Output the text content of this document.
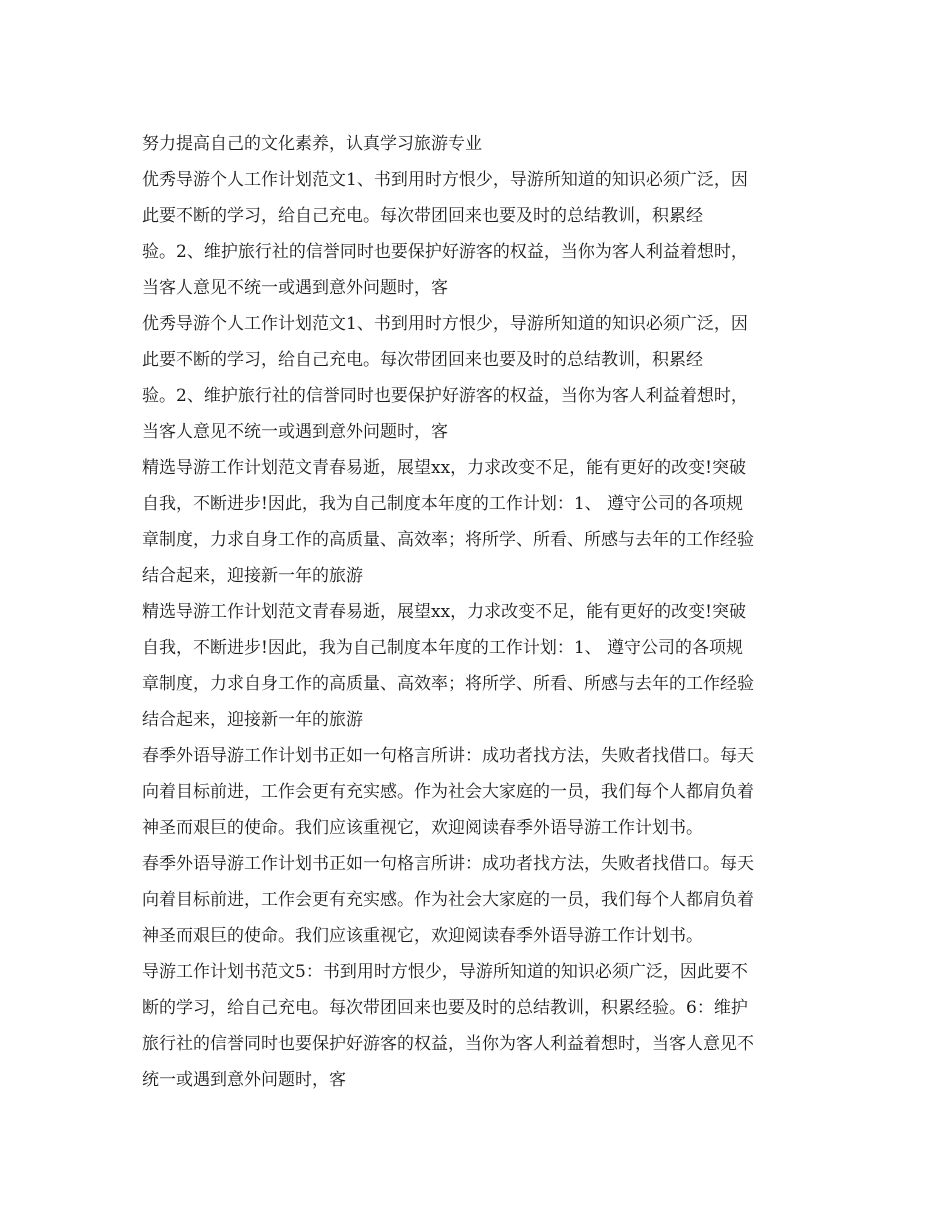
努力提高自己的文化素养，认真学习旅游专业
优秀导游个人工作计划范文1、书到用时方恨少，导游所知道的知识必须广泛，因
此要不断的学习，给自己充电。每次带团回来也要及时的总结教训，积累经
验。2、维护旅行社的信誉同时也要保护好游客的权益，当你为客人利益着想时，
当客人意见不统一或遇到意外问题时，客
优秀导游个人工作计划范文1、书到用时方恨少，导游所知道的知识必须广泛，因
此要不断的学习，给自己充电。每次带团回来也要及时的总结教训，积累经
验。2、维护旅行社的信誉同时也要保护好游客的权益，当你为客人利益着想时，
当客人意见不统一或遇到意外问题时，客
精选导游工作计划范文青春易逝，展望xx，力求改变不足，能有更好的改变!突破
自我，不断进步!因此，我为自己制度本年度的工作计划：1、 遵守公司的各项规
章制度，力求自身工作的高质量、高效率；将所学、所看、所感与去年的工作经验
结合起来，迎接新一年的旅游
精选导游工作计划范文青春易逝，展望xx，力求改变不足，能有更好的改变!突破
自我，不断进步!因此，我为自己制度本年度的工作计划：1、 遵守公司的各项规
章制度，力求自身工作的高质量、高效率；将所学、所看、所感与去年的工作经验
结合起来，迎接新一年的旅游
春季外语导游工作计划书正如一句格言所讲：成功者找方法，失败者找借口。每天
向着目标前进，工作会更有充实感。作为社会大家庭的一员，我们每个人都肩负着
神圣而艰巨的使命。我们应该重视它，欢迎阅读春季外语导游工作计划书。
春季外语导游工作计划书正如一句格言所讲：成功者找方法，失败者找借口。每天
向着目标前进，工作会更有充实感。作为社会大家庭的一员，我们每个人都肩负着
神圣而艰巨的使命。我们应该重视它，欢迎阅读春季外语导游工作计划书。
导游工作计划书范文5：书到用时方恨少，导游所知道的知识必须广泛，因此要不
断的学习，给自己充电。每次带团回来也要及时的总结教训，积累经验。6：维护
旅行社的信誉同时也要保护好游客的权益，当你为客人利益着想时，当客人意见不
统一或遇到意外问题时，客
